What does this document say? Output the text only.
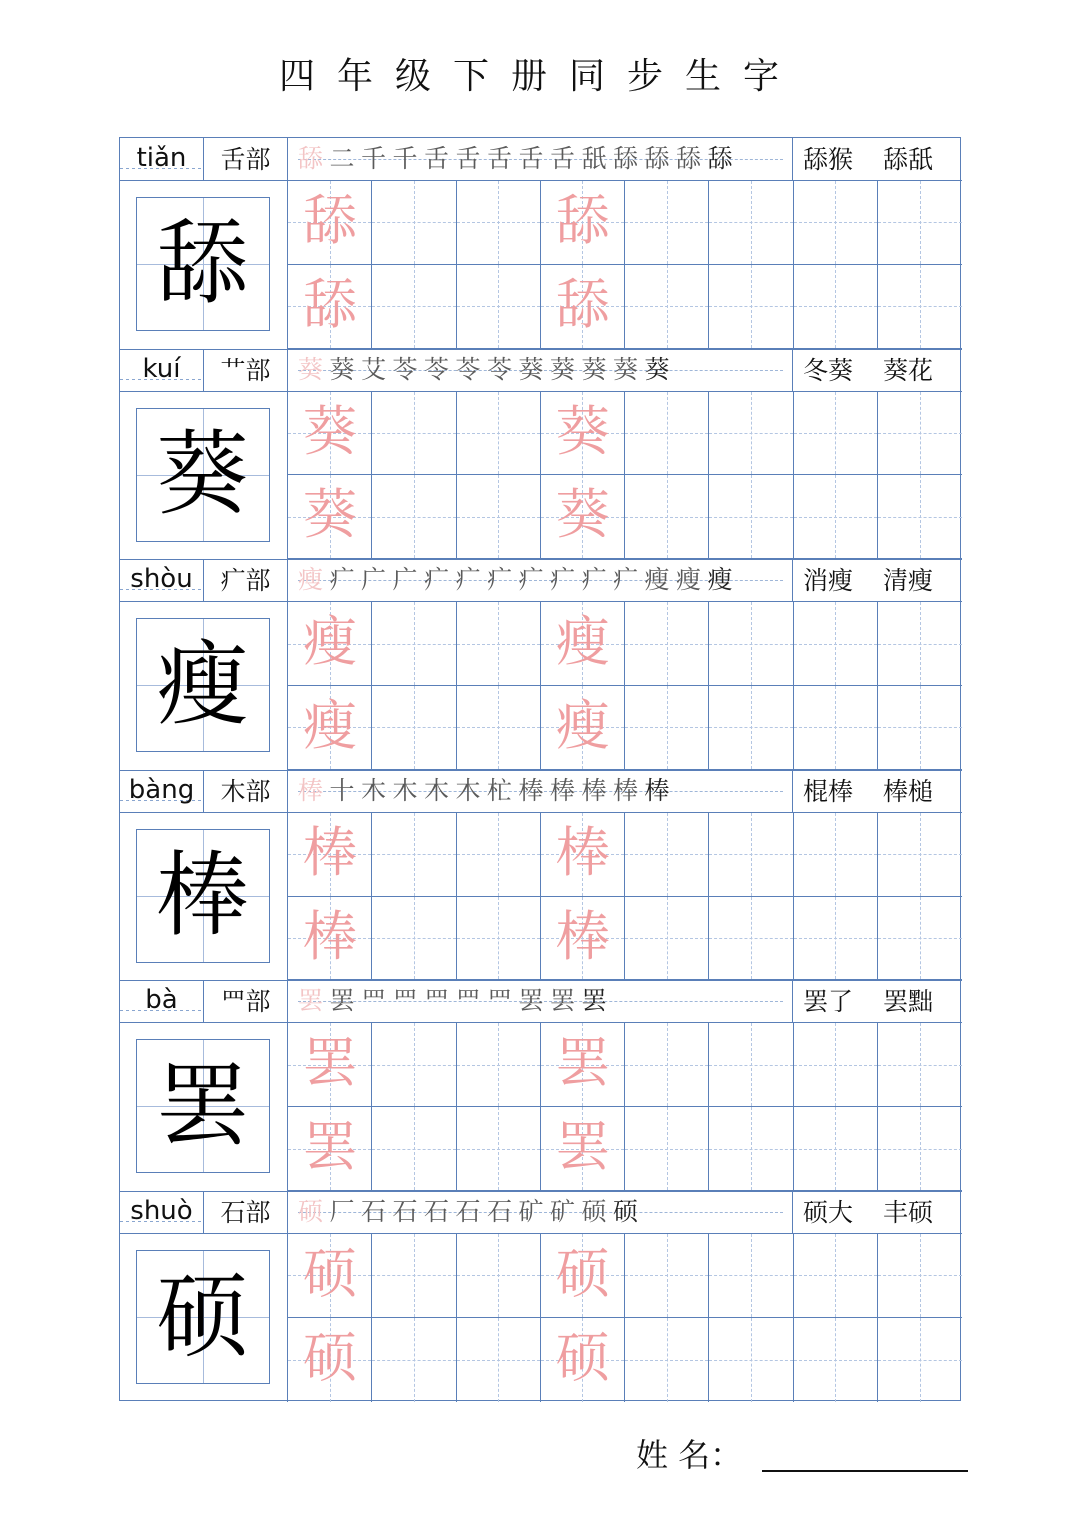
四年级下册同步生字
tiǎn	舌部	舔 二 千 千 舌 舌 舌 舌 舌 舐 舔 舔 舔 舔	舔猴 舔舐
舔	舔	舔
舔	舔
kuí	艹部	葵 葵 艾 苓 苓 苓 苓 葵 葵 葵 葵 葵	冬葵 葵花
葵	葵	葵
葵	葵
shòu	疒部	瘦 疒 广 广 疒 疒 疒 疒 疒 疒 疒 瘦 瘦 瘦	消瘦 清瘦
瘦	瘦	瘦
瘦	瘦
bàng	木部	棒 十 木 木 木 木 杧 棒 棒 棒 棒 棒	棍棒 棒槌
棒	棒	棒
棒	棒
bà	罒部	罢 罢 罒 罒 罒 罒 罒 罢 罢 罢	罢了 罢黜
罢	罢	罢
罢	罢
shuò	石部	硕 厂 石 石 石 石 石 矿 矿 硕 硕	硕大 丰硕
硕	硕	硕
硕	硕
姓 名：
